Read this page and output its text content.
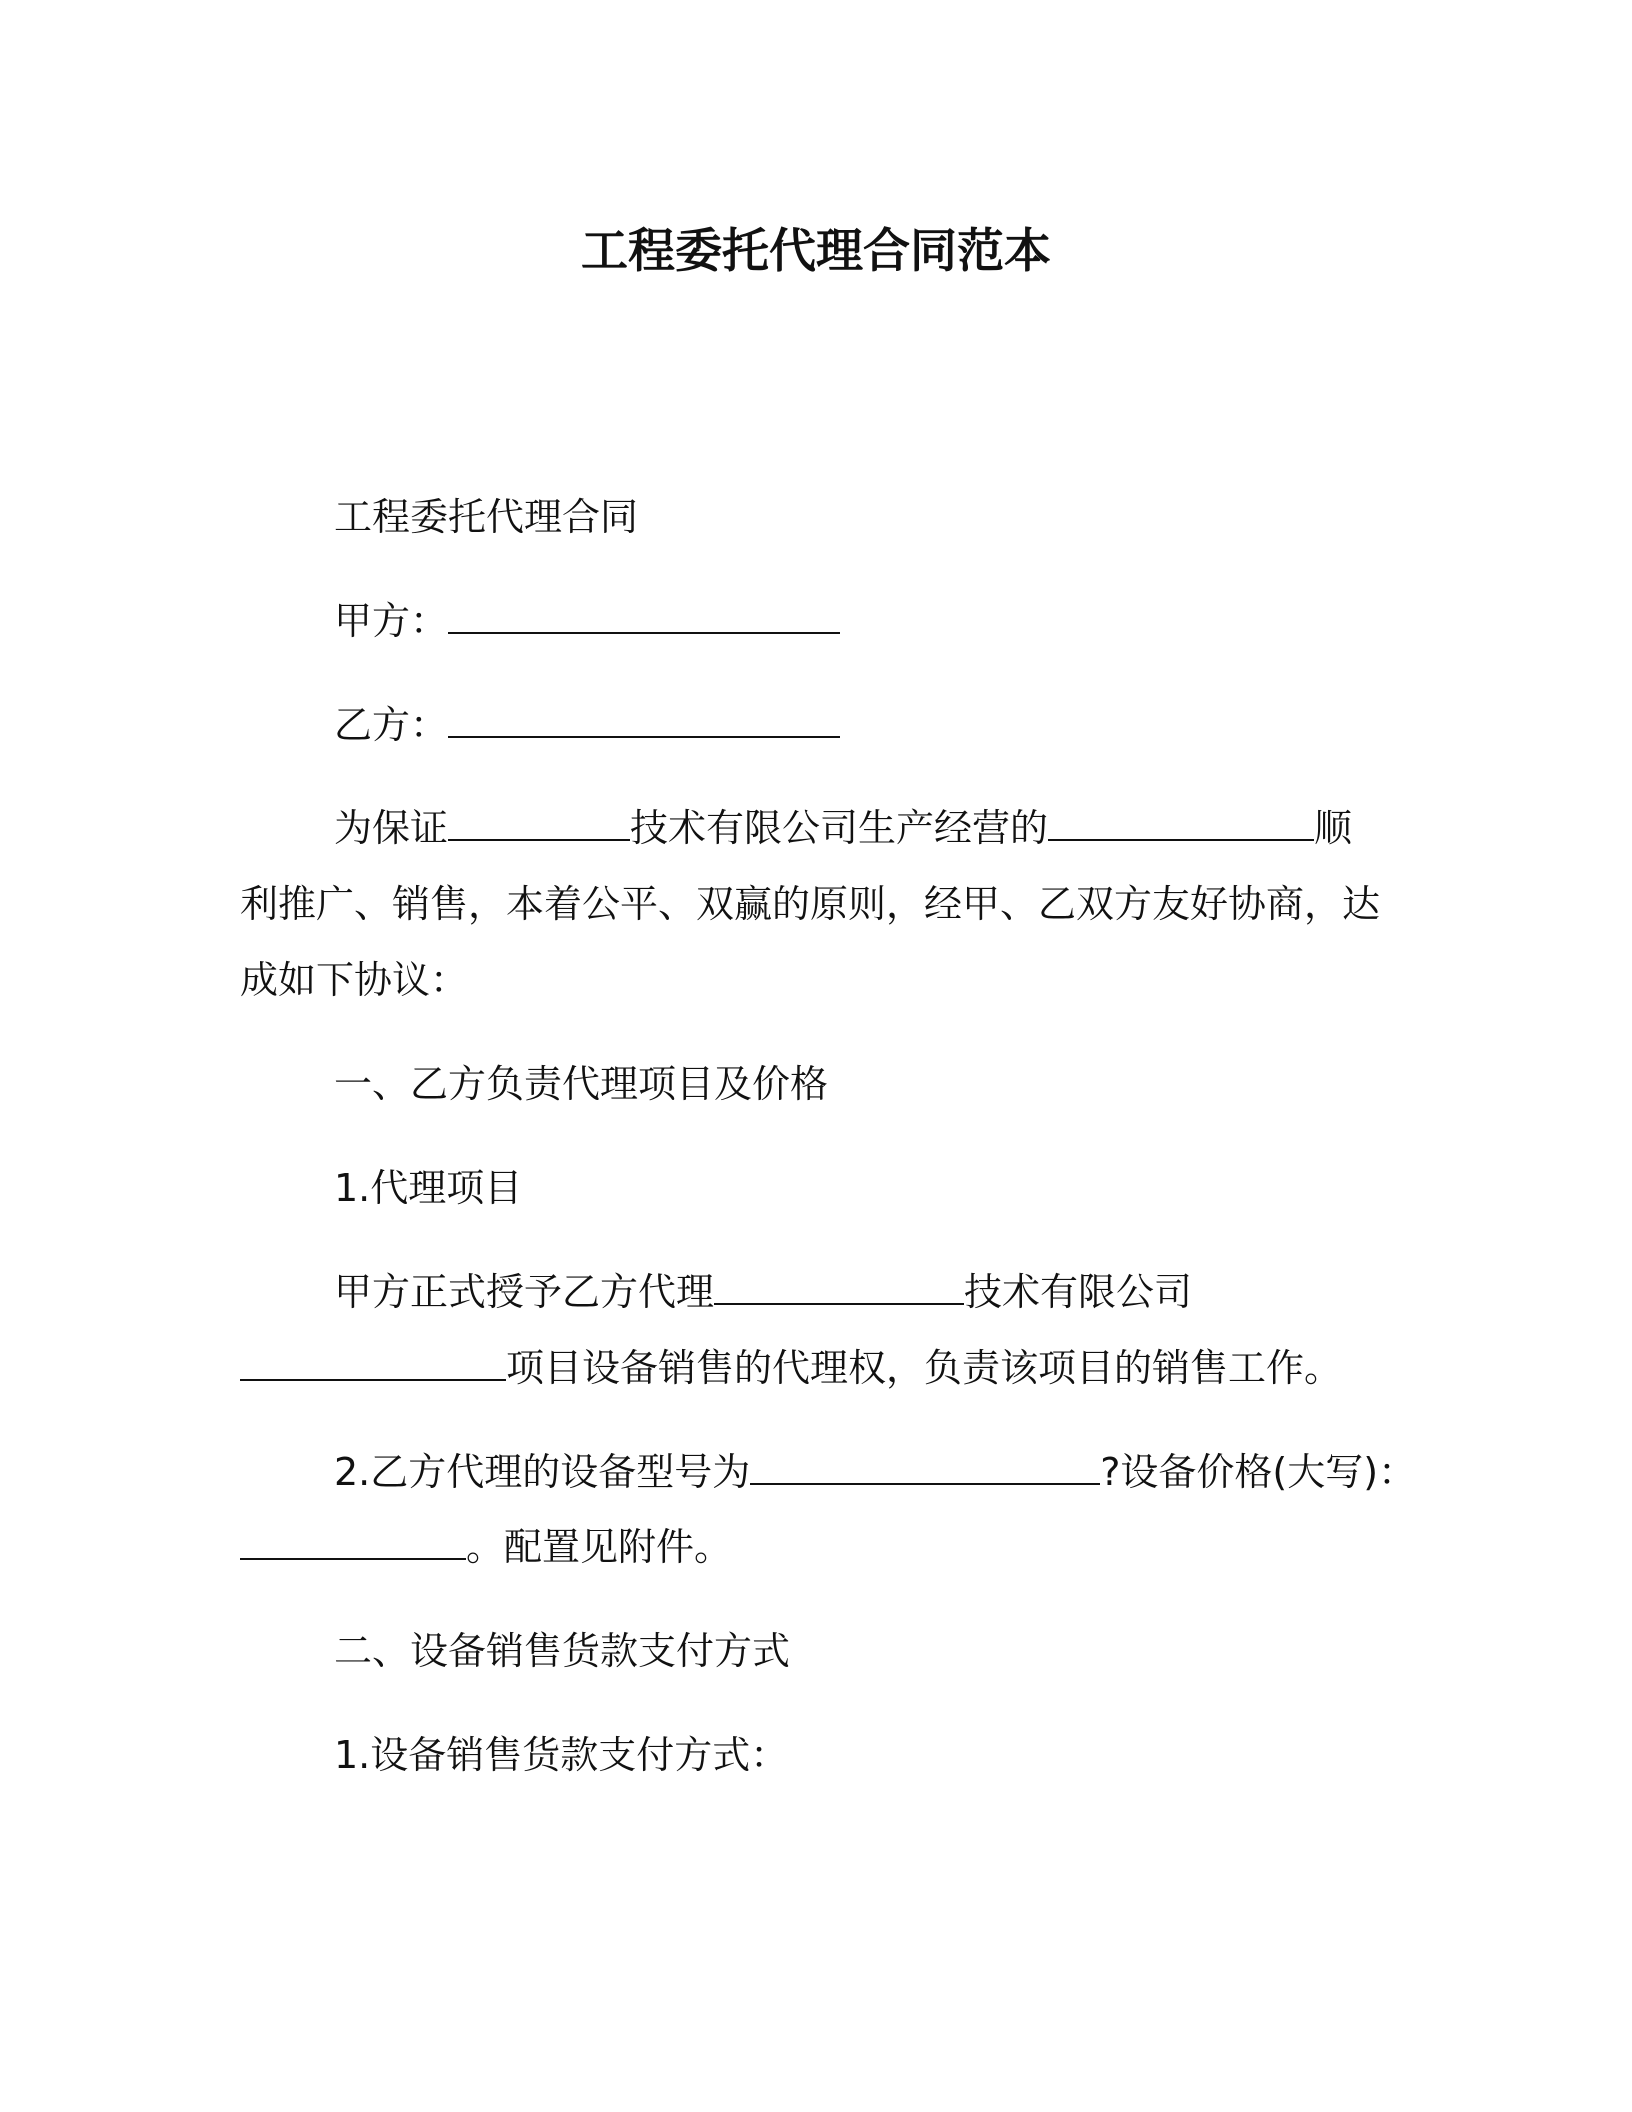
工程委托代理合同范本
工程委托代理合同
甲方：
乙方：
为保证	技术有限公司生产经营的	顺
利推广、销售，本着公平、双赢的原则，经甲、乙双方友好协商，达
成如下协议：
一、乙方负责代理项目及价格
1.代理项目
甲方正式授予乙方代理	技术有限公司
项目设备销售的代理权，负责该项目的销售工作。
2.乙方代理的设备型号为	?设备价格(大写)：
。配置见附件。
二、设备销售货款支付方式
1.设备销售货款支付方式：
